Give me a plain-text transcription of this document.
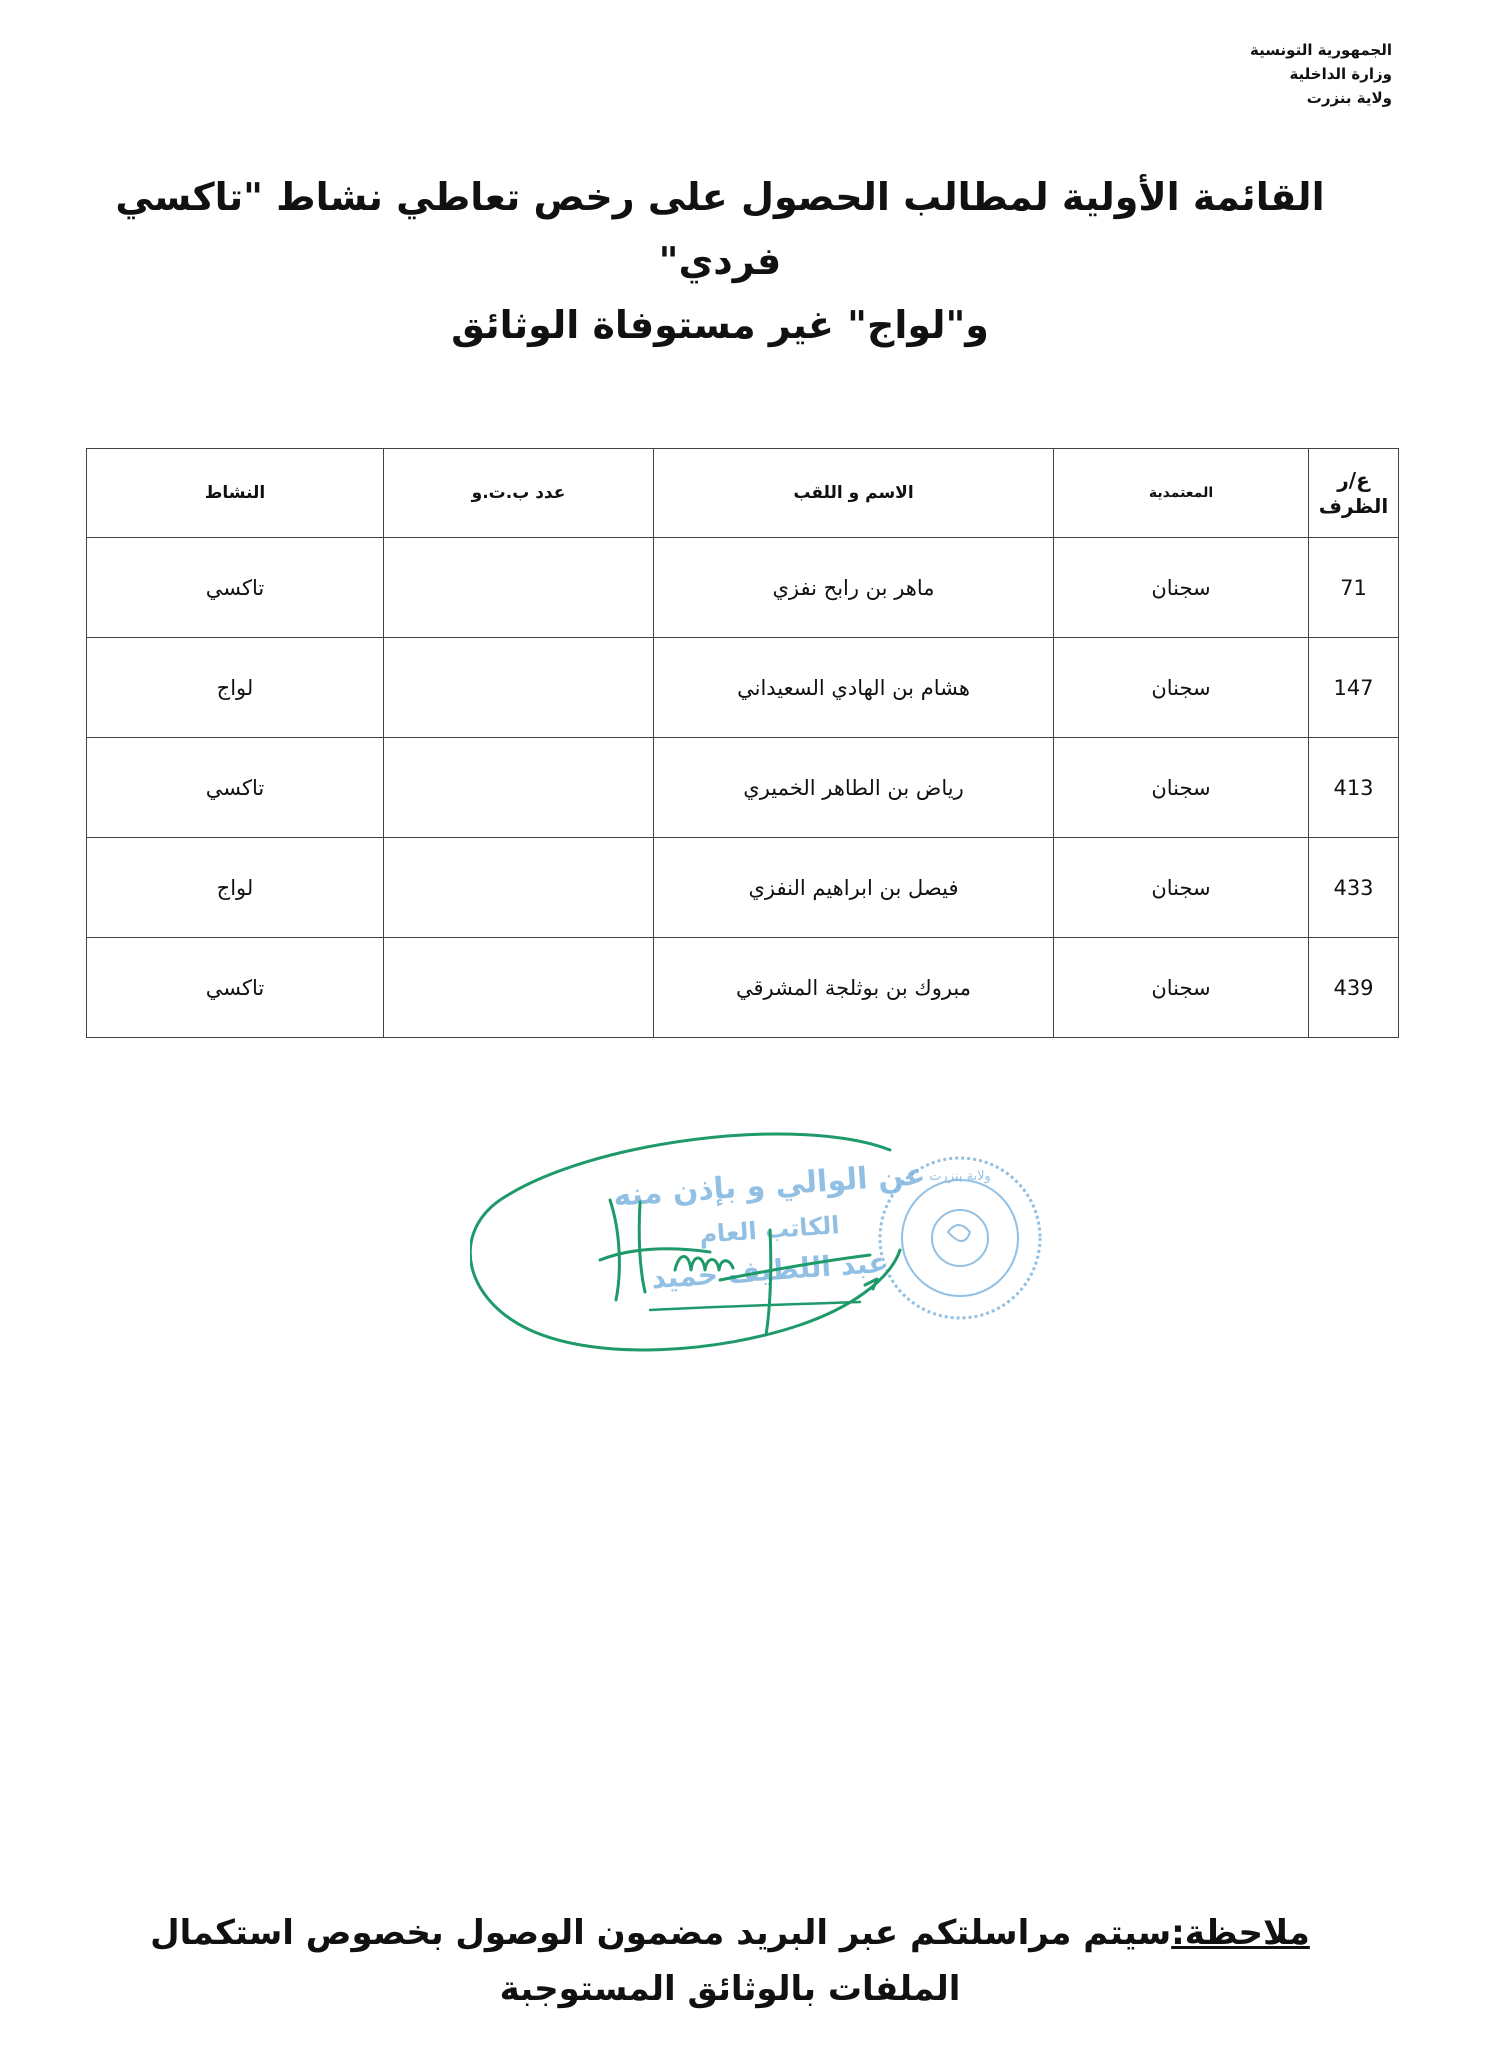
الجمهورية التونسية
وزارة الداخلية
ولاية بنزرت
القائمة الأولية لمطالب الحصول على رخص تعاطي نشاط "تاكسي فردي"
و"لواج" غير مستوفاة الوثائق
ع/ر
الظرف	المعتمدية	الاسم و اللقب	عدد ب.ت.و	النشاط
71	سجنان	ماهر بن رابح نفزي		تاكسي
147	سجنان	هشام بن الهادي السعيداني		لواج
413	سجنان	رياض بن الطاهر الخميري		تاكسي
433	سجنان	فيصل بن ابراهيم النفزي		لواج
439	سجنان	مبروك بن بوثلجة المشرقي		تاكسي
عن الوالي و بإذن منه
الكاتب العام
عبد اللطيف حميد
ولاية بنزرت
ملاحظة:سيتم مراسلتكم عبر البريد مضمون الوصول بخصوص استكمال الملفات بالوثائق المستوجبة
